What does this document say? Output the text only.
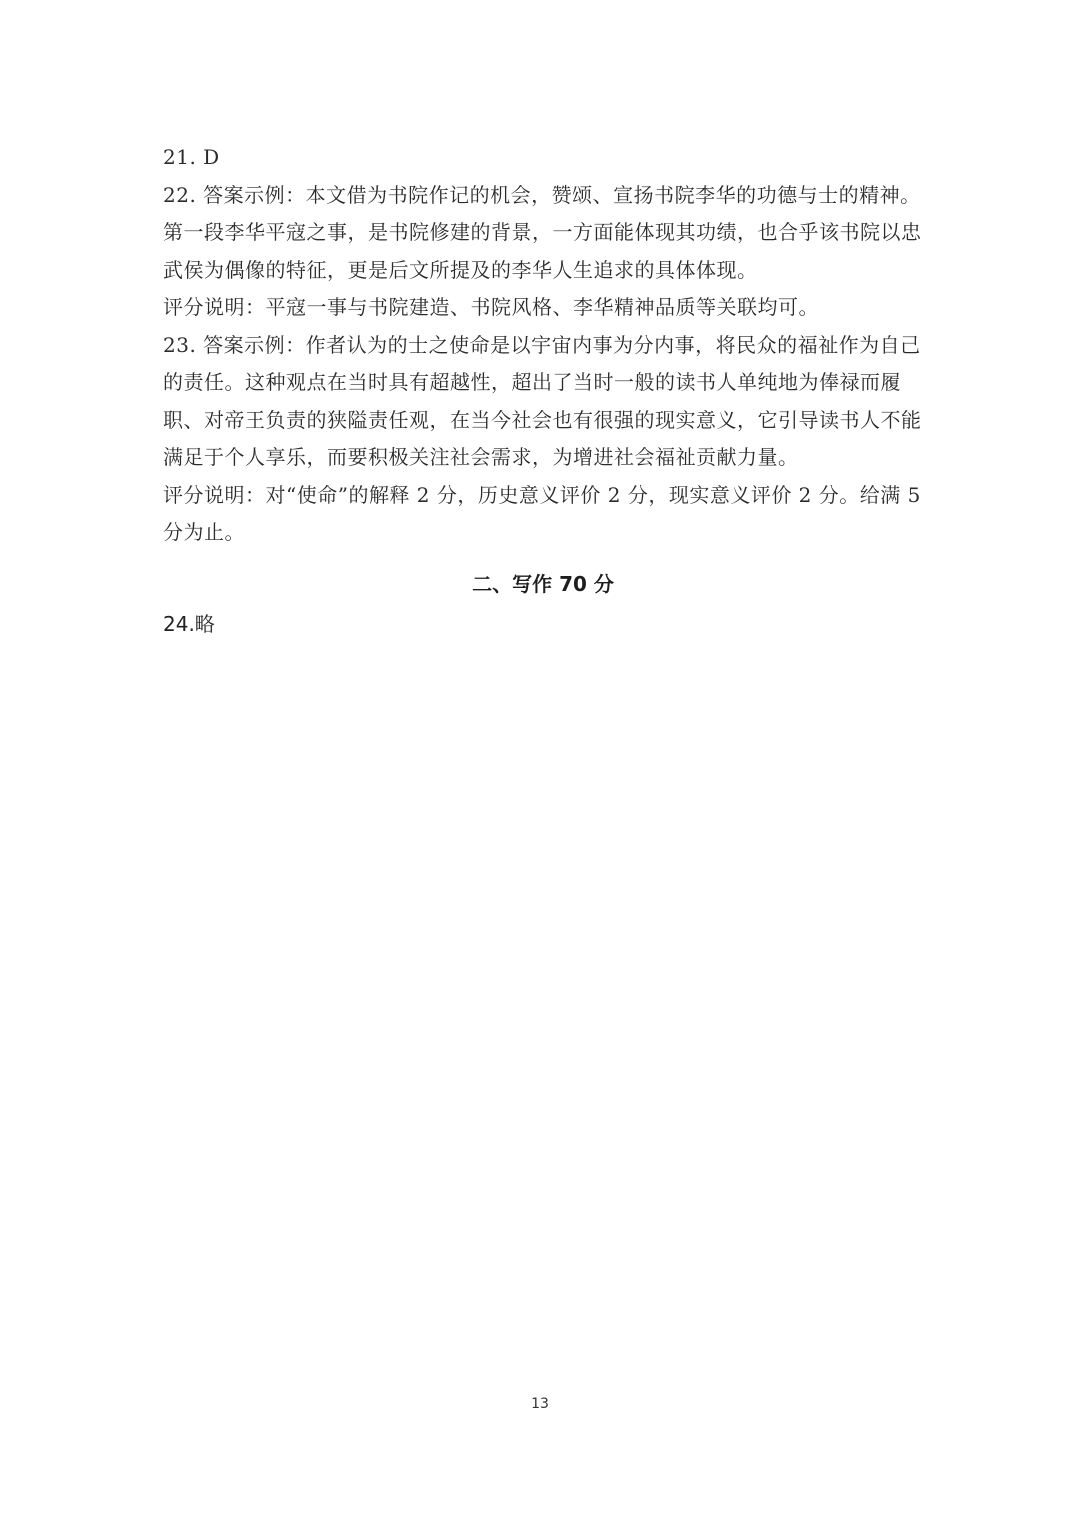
21. D

22. 答案示例：本文借为书院作记的机会，赞颂、宣扬书院李华的功德与士的精神。第一段李华平寇之事，是书院修建的背景，一方面能体现其功绩，也合乎该书院以忠武侯为偶像的特征，更是后文所提及的李华人生追求的具体体现。

评分说明：平寇一事与书院建造、书院风格、李华精神品质等关联均可。

23. 答案示例：作者认为的士之使命是以宇宙内事为分内事，将民众的福祉作为自己的责任。这种观点在当时具有超越性，超出了当时一般的读书人单纯地为俸禄而履职、对帝王负责的狭隘责任观，在当今社会也有很强的现实意义，它引导读书人不能满足于个人享乐，而要积极关注社会需求，为增进社会福祉贡献力量。

评分说明：对“使命”的解释 2 分，历史意义评价 2 分，现实意义评价 2 分。给满 5 分为止。

二、写作 70 分

24.略

13
